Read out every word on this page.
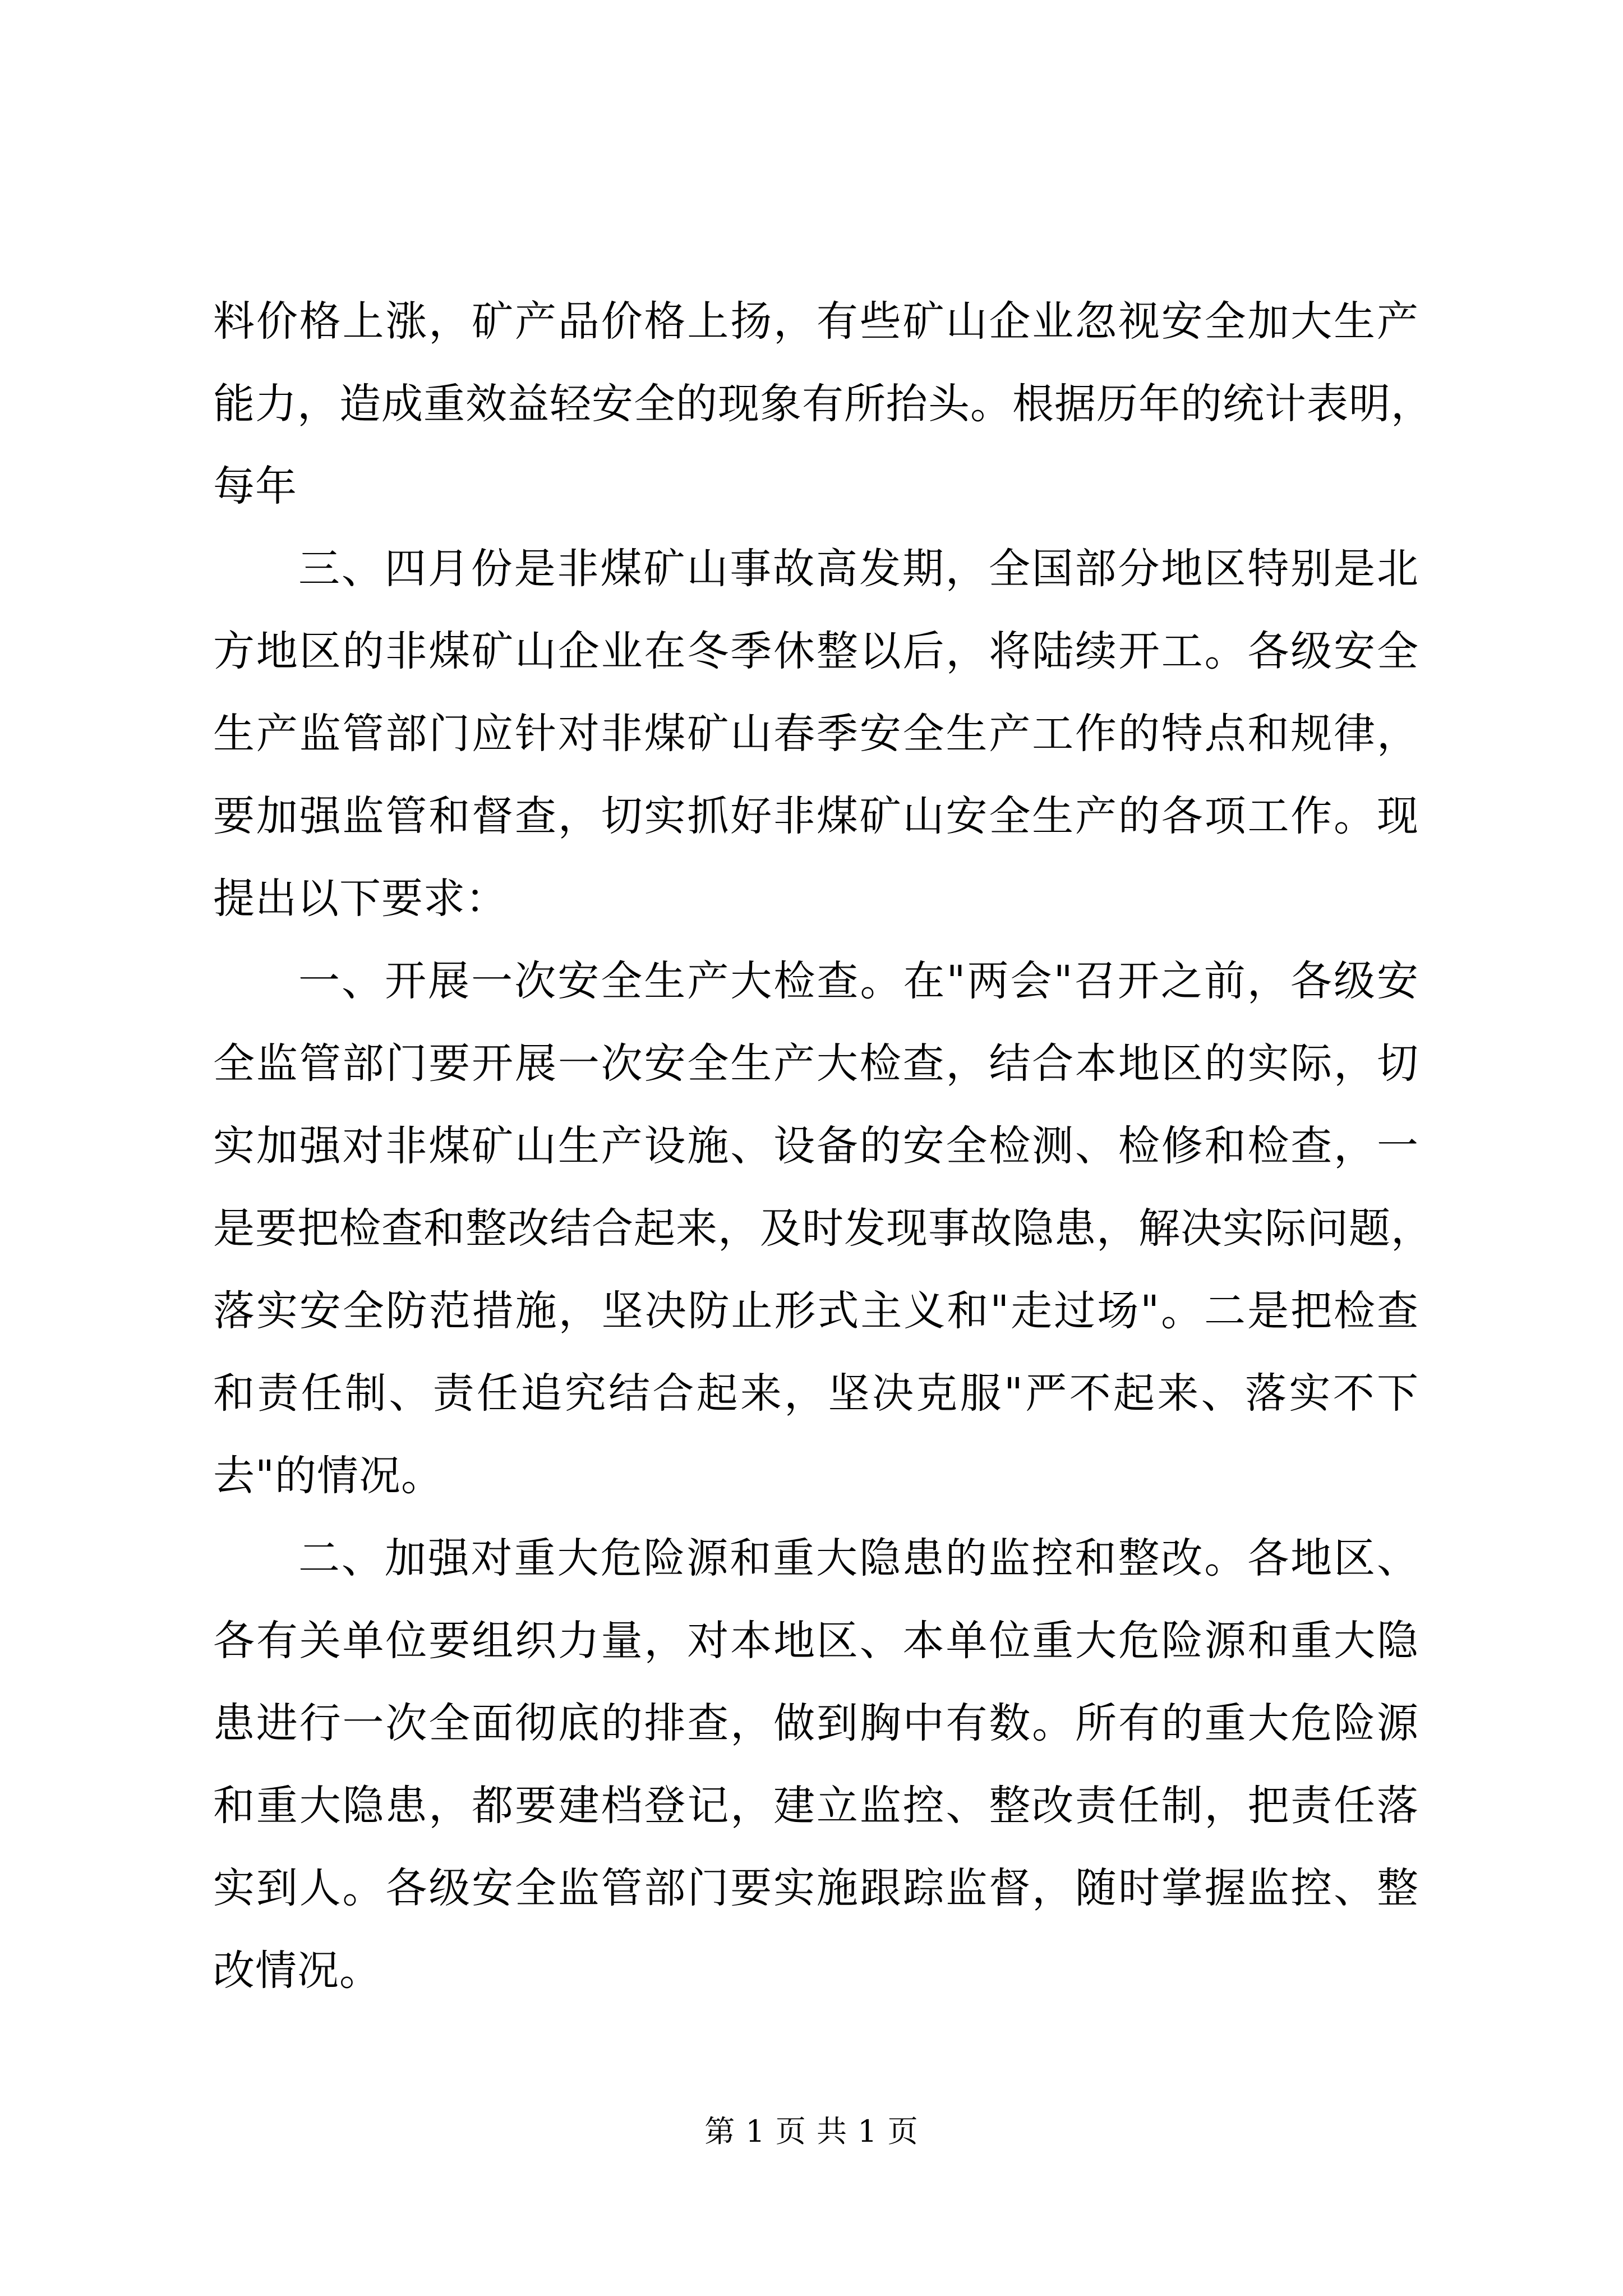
料价格上涨，矿产品价格上扬，有些矿山企业忽视安全加大生产
能力，造成重效益轻安全的现象有所抬头。根据历年的统计表明，
每年
三、四月份是非煤矿山事故高发期，全国部分地区特别是北
方地区的非煤矿山企业在冬季休整以后，将陆续开工。各级安全
生产监管部门应针对非煤矿山春季安全生产工作的特点和规律，
要加强监管和督查，切实抓好非煤矿山安全生产的各项工作。现
提出以下要求：
一、开展一次安全生产大检查。在"两会"召开之前，各级安
全监管部门要开展一次安全生产大检查，结合本地区的实际，切
实加强对非煤矿山生产设施、设备的安全检测、检修和检查，一
是要把检查和整改结合起来，及时发现事故隐患，解决实际问题，
落实安全防范措施，坚决防止形式主义和"走过场"。二是把检查
和责任制、责任追究结合起来，坚决克服"严不起来、落实不下
去"的情况。
二、加强对重大危险源和重大隐患的监控和整改。各地区、
各有关单位要组织力量，对本地区、本单位重大危险源和重大隐
患进行一次全面彻底的排查，做到胸中有数。所有的重大危险源
和重大隐患，都要建档登记，建立监控、整改责任制，把责任落
实到人。各级安全监管部门要实施跟踪监督，随时掌握监控、整
改情况。
第 1 页 共 1 页
